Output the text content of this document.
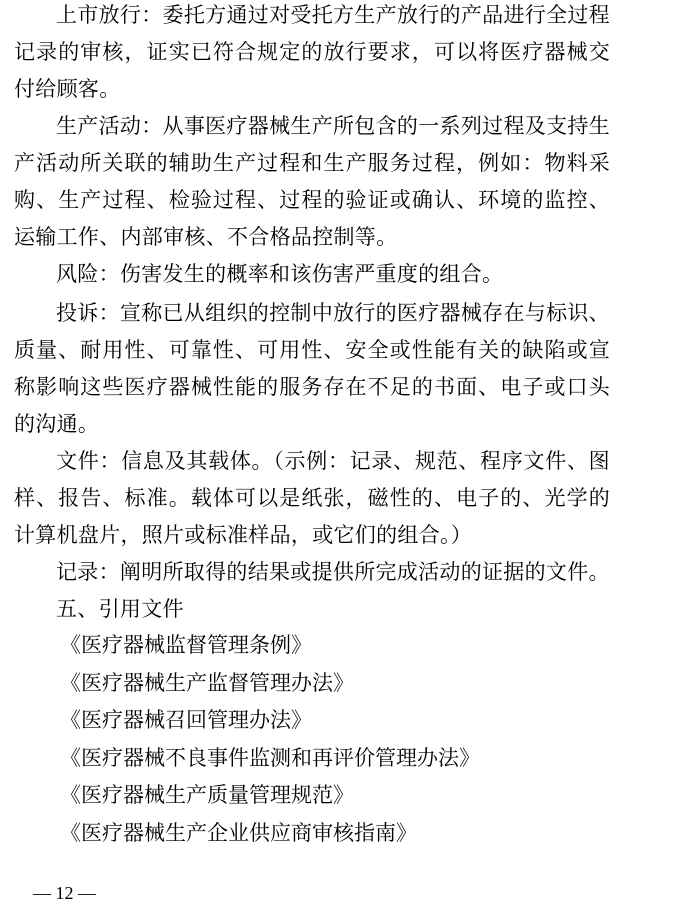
上市放行：委托方通过对受托方生产放行的产品进行全过程记录的审核，证实已符合规定的放行要求，可以将医疗器械交付给顾客。

生产活动：从事医疗器械生产所包含的一系列过程及支持生产活动所关联的辅助生产过程和生产服务过程，例如：物料采购、生产过程、检验过程、过程的验证或确认、环境的监控、运输工作、内部审核、不合格品控制等。

风险：伤害发生的概率和该伤害严重度的组合。

投诉：宣称已从组织的控制中放行的医疗器械存在与标识、质量、耐用性、可靠性、可用性、安全或性能有关的缺陷或宣称影响这些医疗器械性能的服务存在不足的书面、电子或口头的沟通。

文件：信息及其载体。（示例：记录、规范、程序文件、图样、报告、标准。载体可以是纸张，磁性的、电子的、光学的计算机盘片，照片或标准样品，或它们的组合。）

记录：阐明所取得的结果或提供所完成活动的证据的文件。

五、引用文件

《医疗器械监督管理条例》
《医疗器械生产监督管理办法》
《医疗器械召回管理办法》
《医疗器械不良事件监测和再评价管理办法》
《医疗器械生产质量管理规范》
《医疗器械生产企业供应商审核指南》
— 12 —
